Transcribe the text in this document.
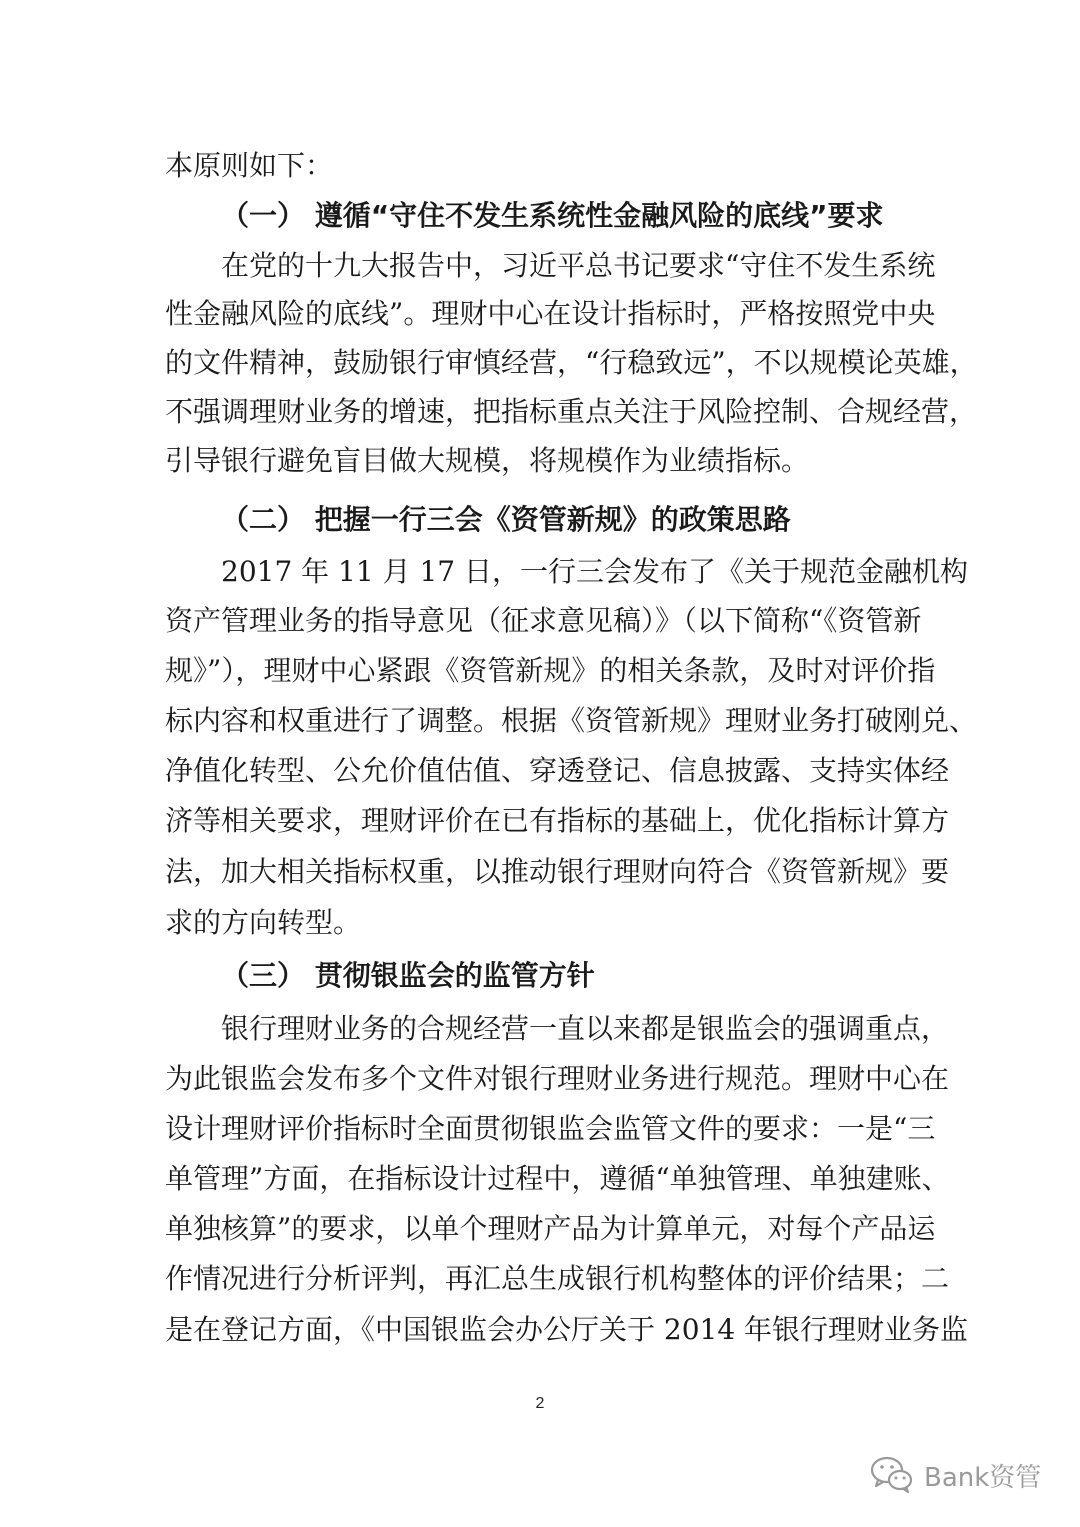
本原则如下：
（一） 遵循“守住不发生系统性金融风险的底线”要求
在党的十九大报告中，习近平总书记要求“守住不发生系统
性金融风险的底线”。理财中心在设计指标时，严格按照党中央
的文件精神，鼓励银行审慎经营，“行稳致远”，不以规模论英雄，
不强调理财业务的增速，把指标重点关注于风险控制、合规经营，
引导银行避免盲目做大规模，将规模作为业绩指标。
（二） 把握一行三会《资管新规》的政策思路
2017 年 11 月 17 日，一行三会发布了《关于规范金融机构
资产管理业务的指导意见（征求意见稿）》（以下简称“《资管新
规》”），理财中心紧跟《资管新规》的相关条款，及时对评价指
标内容和权重进行了调整。根据《资管新规》理财业务打破刚兑、
净值化转型、公允价值估值、穿透登记、信息披露、支持实体经
济等相关要求，理财评价在已有指标的基础上，优化指标计算方
法，加大相关指标权重，以推动银行理财向符合《资管新规》要
求的方向转型。
（三） 贯彻银监会的监管方针
银行理财业务的合规经营一直以来都是银监会的强调重点，
为此银监会发布多个文件对银行理财业务进行规范。理财中心在
设计理财评价指标时全面贯彻银监会监管文件的要求：一是“三
单管理”方面，在指标设计过程中，遵循“单独管理、单独建账、
单独核算”的要求，以单个理财产品为计算单元，对每个产品运
作情况进行分析评判，再汇总生成银行机构整体的评价结果；二
是在登记方面，《中国银监会办公厅关于 2014 年银行理财业务监
2
Bank资管
